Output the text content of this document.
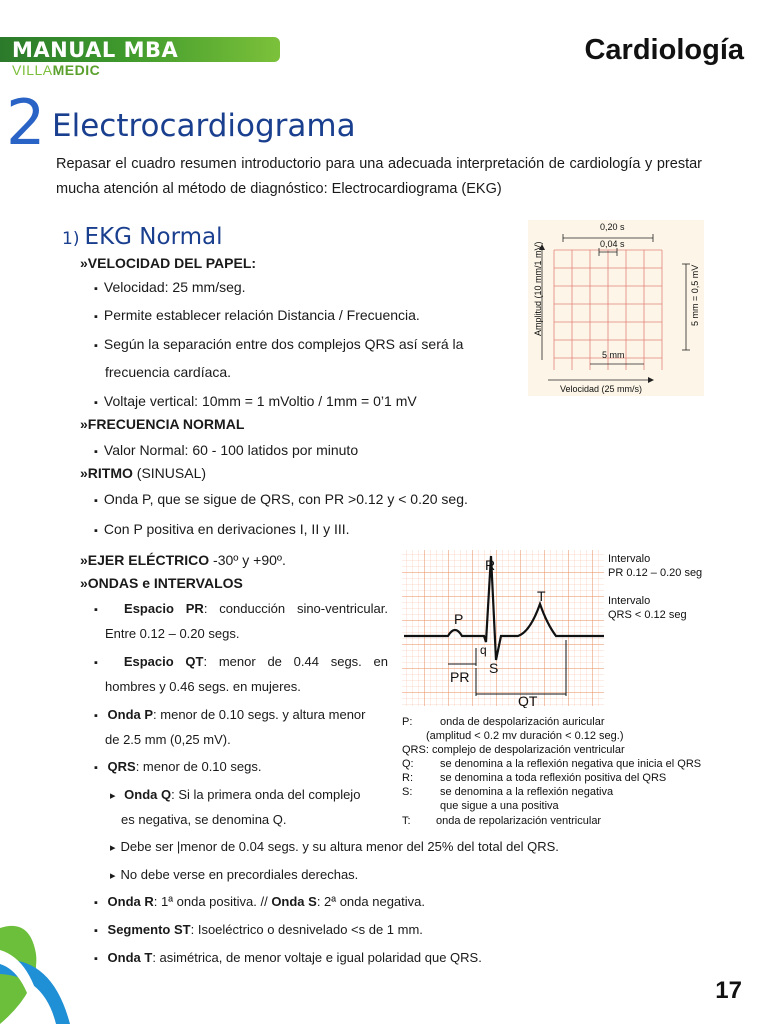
MANUAL MBA
VILLAMEDIC
Cardiología
2 Electrocardiograma
Repasar el cuadro resumen introductorio para una adecuada interpretación de cardiología y prestar mucha atención al método de diagnóstico: Electrocardiograma (EKG)
1) EKG Normal
»VELOCIDAD DEL PAPEL:
▪ Velocidad: 25 mm/seg.
▪ Permite establecer relación Distancia / Frecuencia.
▪ Según la separación entre dos complejos QRS así será la
frecuencia cardíaca.
▪ Voltaje vertical: 10mm = 1 mVoltio / 1mm = 0’1 mV
»FRECUENCIA NORMAL
▪ Valor Normal: 60 - 100 latidos por minuto
»RITMO (SINUSAL)
▪ Onda P, que se sigue de QRS, con PR >0.12 y < 0.20 seg.
▪ Con P positiva en derivaciones I, II y III.
»EJER ELÉCTRICO -30º y +90º.
»ONDAS e INTERVALOS
▪ Espacio PR: conducción sino-ventricular.
Entre 0.12 – 0.20 segs.
▪ Espacio QT: menor de 0.44 segs. en
hombres y 0.46 segs. en mujeres.
▪ Onda P: menor de 0.10 segs. y altura menor
de 2.5 mm (0,25 mV).
▪ QRS: menor de 0.10 segs.
▸ Onda Q: Si la primera onda del complejo
es negativa, se denomina Q.
▸ Debe ser |menor de 0.04 segs. y su altura menor del 25% del total del QRS.
▸ No debe verse en precordiales derechas.
▪ Onda R: 1ª onda positiva. // Onda S: 2ª onda negativa.
▪ Segmento ST: Isoeléctrico o desnivelado <s de 1 mm.
▪ Onda T: asimétrica, de menor voltaje e igual polaridad que QRS.
0,20 s
0,04 s
5 mm
Velocidad (25 mm/s)
Amplitud (10 mm/1 mV)	5 mm = 0,5 mV
R
T
P
q
S
PR
QT
Intervalo
PR 0.12 – 0.20 seg
Intervalo
QRS < 0.12 seg
P:	onda de despolarización auricular
(amplitud < 0.2 mv duración < 0.12 seg.)
QRS: complejo de despolarización ventricular
Q: se denomina a la reflexión negativa que inicia el QRS
R: se denomina a toda reflexión positiva del QRS
S:	se denomina a la reflexión negativa
que sigue a una positiva
T: onda de repolarización ventricular
17
